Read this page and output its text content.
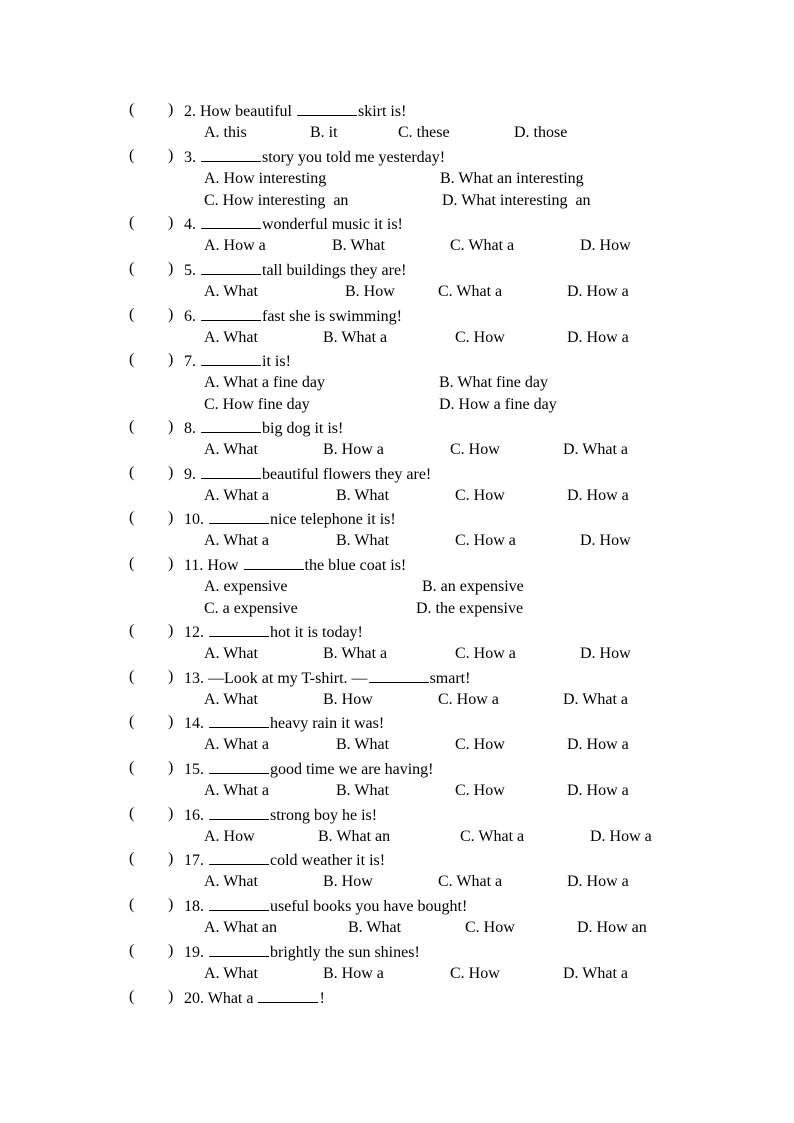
( ) 2. How beautiful	skirt is!
A. this	B. it	C. these	D. those
( ) 3.	story you told me yesterday!
A. How interesting	B. What an interesting
C. How interesting  an	D. What interesting  an
( ) 4.	wonderful music it is!
A. How a	B. What	C. What a	D. How
( ) 5.	tall buildings they are!
A. What	B. How	C. What a	D. How a
( ) 6.	fast she is swimming!
A. What	B. What a	C. How	D. How a
( ) 7.	it is!
A. What a fine day	B. What fine day
C. How fine day	D. How a fine day
( ) 8.	big dog it is!
A. What	B. How a	C. How	D. What a
( ) 9.	beautiful flowers they are!
A. What a	B. What	C. How	D. How a
( ) 10.	nice telephone it is!
A. What a	B. What	C. How a	D. How
( ) 11. How	the blue coat is!
A. expensive	B. an expensive
C. a expensive	D. the expensive
( ) 12.	hot it is today!
A. What	B. What a	C. How a	D. How
( ) 13. —Look at my T-shirt. —	smart!
A. What	B. How	C. How a	D. What a
( ) 14.	heavy rain it was!
A. What a	B. What	C. How	D. How a
( ) 15.	good time we are having!
A. What a	B. What	C. How	D. How a
( ) 16.	strong boy he is!
A. How	B. What an	C. What a	D. How a
( ) 17.	cold weather it is!
A. What	B. How	C. What a	D. How a
( ) 18.	useful books you have bought!
A. What an	B. What	C. How	D. How an
( ) 19.	brightly the sun shines!
A. What	B. How a	C. How	D. What a
( ) 20. What a	!
